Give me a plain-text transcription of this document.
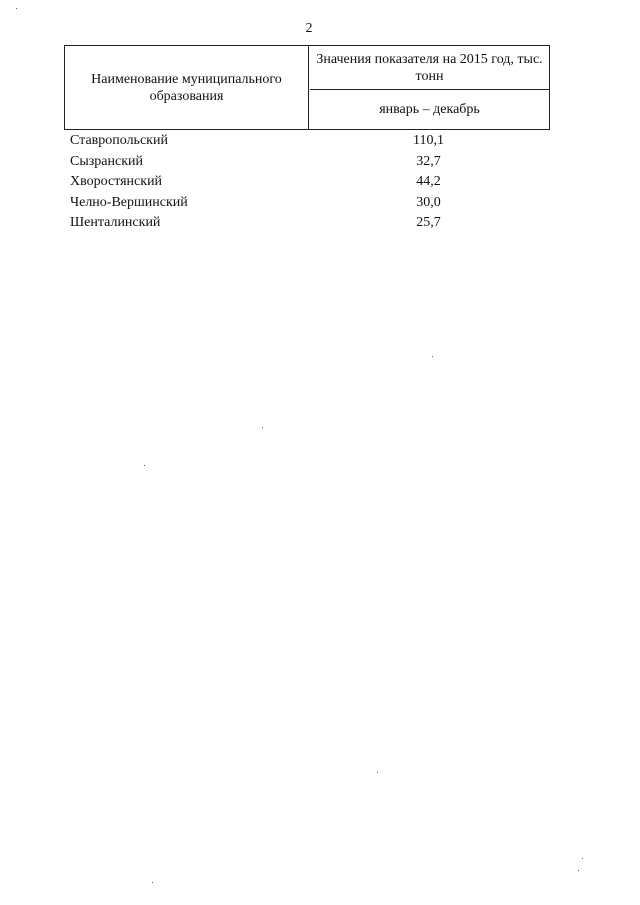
2
Наименование муниципального образования
Значения показателя на 2015 год, тыс. тонн
январь – декабрь
Ставропольский	110,1
Сызранский	32,7
Хворостянский	44,2
Челно-Вершинский	30,0
Шенталинский	25,7
